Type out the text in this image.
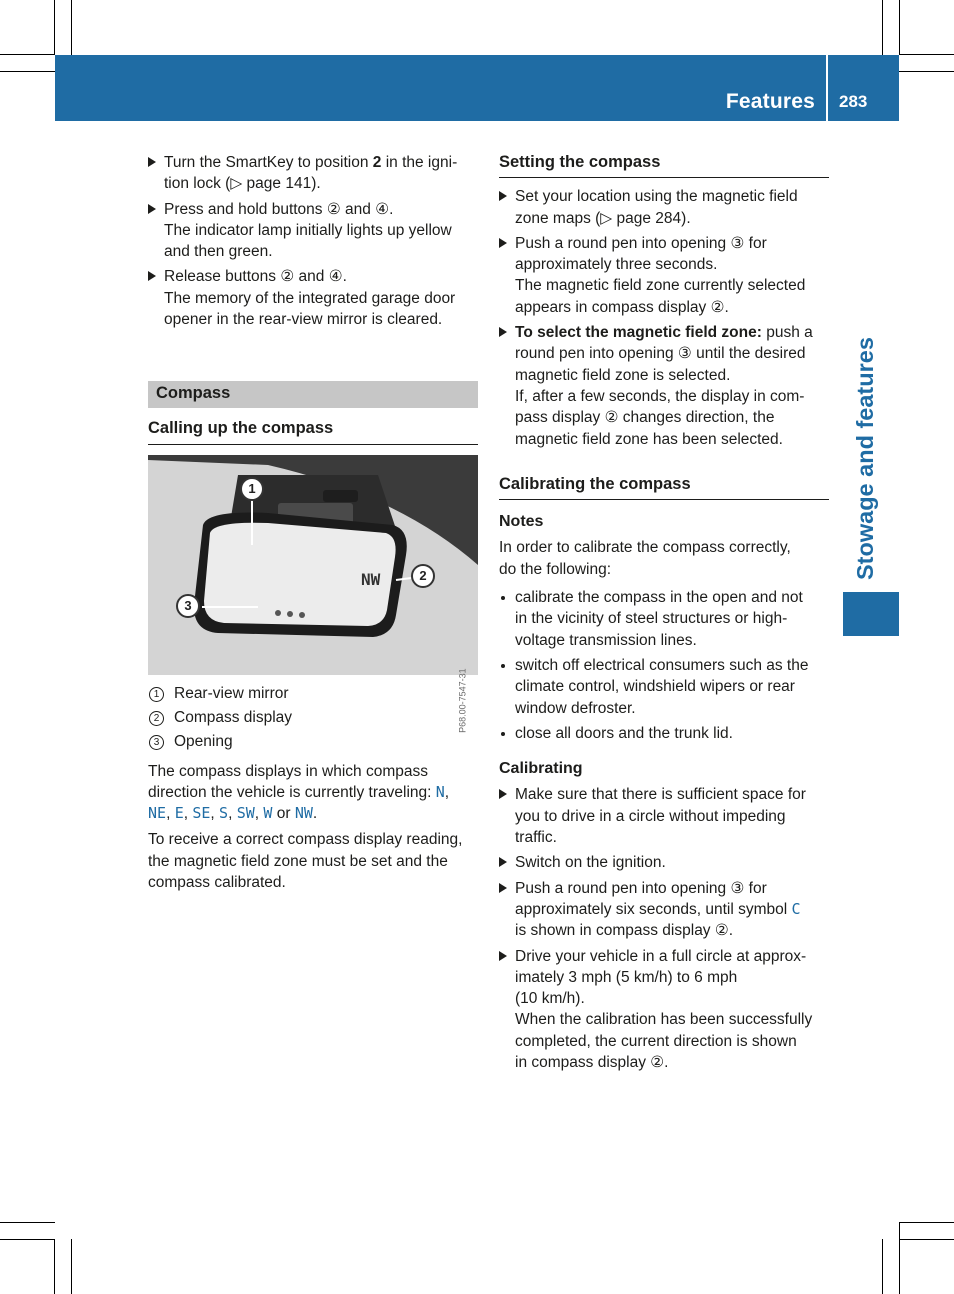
Features 283
Stowage and features
Turn the SmartKey to position 2 in the igni-
tion lock (▷ page 141).
Press and hold buttons ② and ④.
The indicator lamp initially lights up yellow
and then green.
Release buttons ② and ④.
The memory of the integrated garage door
opener in the rear-view mirror is cleared.
Compass
Calling up the compass
NW
1
2
3
P68.00-7547-31
1 Rear-view mirror
2 Compass display
3 Opening
The compass displays in which compass
direction the vehicle is currently traveling: N,
NE, E, SE, S, SW, W or NW.
To receive a correct compass display reading,
the magnetic field zone must be set and the
compass calibrated.
Setting the compass
Set your location using the magnetic field
zone maps (▷ page 284).
Push a round pen into opening ③ for
approximately three seconds.
The magnetic field zone currently selected
appears in compass display ②.
To select the magnetic field zone: push a
round pen into opening ③ until the desired
magnetic field zone is selected.
If, after a few seconds, the display in com-
pass display ② changes direction, the
magnetic field zone has been selected.
Calibrating the compass
Notes
In order to calibrate the compass correctly,
do the following:
calibrate the compass in the open and not
in the vicinity of steel structures or high-
voltage transmission lines.
switch off electrical consumers such as the
climate control, windshield wipers or rear
window defroster.
close all doors and the trunk lid.
Calibrating
Make sure that there is sufficient space for
you to drive in a circle without impeding
traffic.
Switch on the ignition.
Push a round pen into opening ③ for
approximately six seconds, until symbol C
is shown in compass display ②.
Drive your vehicle in a full circle at approx-
imately 3 mph (5 km/h) to 6 mph
(10 km/h).
When the calibration has been successfully
completed, the current direction is shown
in compass display ②.
